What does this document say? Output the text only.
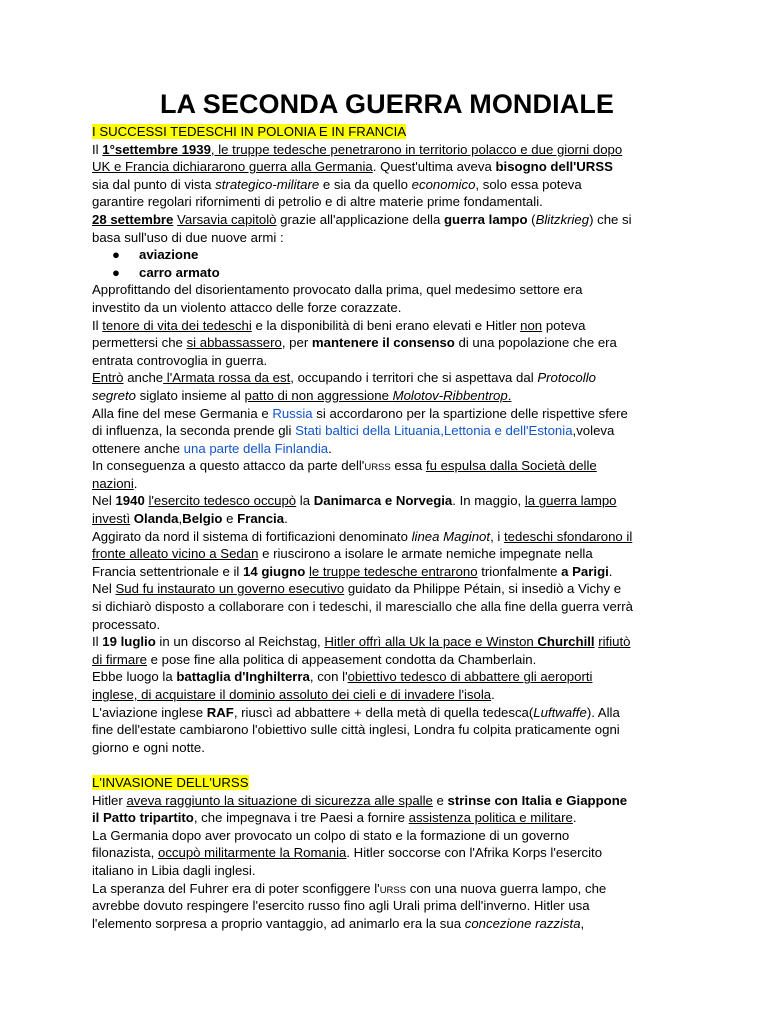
LA SECONDA GUERRA MONDIALE
I SUCCESSI TEDESCHI IN POLONIA E IN FRANCIA
Il 1°settembre 1939, le truppe tedesche penetrarono in territorio polacco e due giorni dopo
UK e Francia dichiararono guerra alla Germania. Quest'ultima aveva bisogno dell'URSS
sia dal punto di vista strategico-militare e sia da quello economico, solo essa poteva
garantire regolari rifornimenti di petrolio e di altre materie prime fondamentali.
28 settembre Varsavia capitolò grazie all'applicazione della guerra lampo (Blitzkrieg) che si
basa sull'uso di due nuove armi :
● aviazione
● carro armato
Approfittando del disorientamento provocato dalla prima, quel medesimo settore era
investito da un violento attacco delle forze corazzate.
Il tenore di vita dei tedeschi e la disponibilità di beni erano elevati e Hitler non poteva
permettersi che si abbassassero, per mantenere il consenso di una popolazione che era
entrata controvoglia in guerra.
Entrò anche l'Armata rossa da est, occupando i territori che si aspettava dal Protocollo
segreto siglato insieme al patto di non aggressione Molotov-Ribbentrop.
Alla fine del mese Germania e Russia si accordarono per la spartizione delle rispettive sfere
di influenza, la seconda prende gli Stati baltici della Lituania,Lettonia e dell'Estonia,voleva
ottenere anche una parte della Finlandia.
In conseguenza a questo attacco da parte dell'URSS essa fu espulsa dalla Società delle
nazioni.
Nel 1940 l'esercito tedesco occupò la Danimarca e Norvegia. In maggio, la guerra lampo
investì Olanda,Belgio e Francia.
Aggirato da nord il sistema di fortificazioni denominato linea Maginot, i tedeschi sfondarono il
fronte alleato vicino a Sedan e riuscirono a isolare le armate nemiche impegnate nella
Francia settentrionale e il 14 giugno le truppe tedesche entrarono trionfalmente a Parigi.
Nel Sud fu instaurato un governo esecutivo guidato da Philippe Pétain, si insediò a Vichy e
si dichiarò disposto a collaborare con i tedeschi, il maresciallo che alla fine della guerra verrà
processato.
Il 19 luglio in un discorso al Reichstag, Hitler offrì alla Uk la pace e Winston Churchill rifiutò
di firmare e pose fine alla politica di appeasement condotta da Chamberlain.
Ebbe luogo la battaglia d'Inghilterra, con l'obiettivo tedesco di abbattere gli aeroporti
inglese, di acquistare il dominio assoluto dei cieli e di invadere l'isola.
L'aviazione inglese RAF, riuscì ad abbattere + della metà di quella tedesca(Luftwaffe). Alla
fine dell'estate cambiarono l'obiettivo sulle città inglesi, Londra fu colpita praticamente ogni
giorno e ogni notte.
L'INVASIONE DELL'URSS
Hitler aveva raggiunto la situazione di sicurezza alle spalle e strinse con Italia e Giappone
il Patto tripartito, che impegnava i tre Paesi a fornire assistenza politica e militare.
La Germania dopo aver provocato un colpo di stato e la formazione di un governo
filonazista, occupò militarmente la Romania. Hitler soccorse con l'Afrika Korps l'esercito
italiano in Libia dagli inglesi.
La speranza del Fuhrer era di poter sconfiggere l'URSS con una nuova guerra lampo, che
avrebbe dovuto respingere l'esercito russo fino agli Urali prima dell'inverno. Hitler usa
l'elemento sorpresa a proprio vantaggio, ad animarlo era la sua concezione razzista,
